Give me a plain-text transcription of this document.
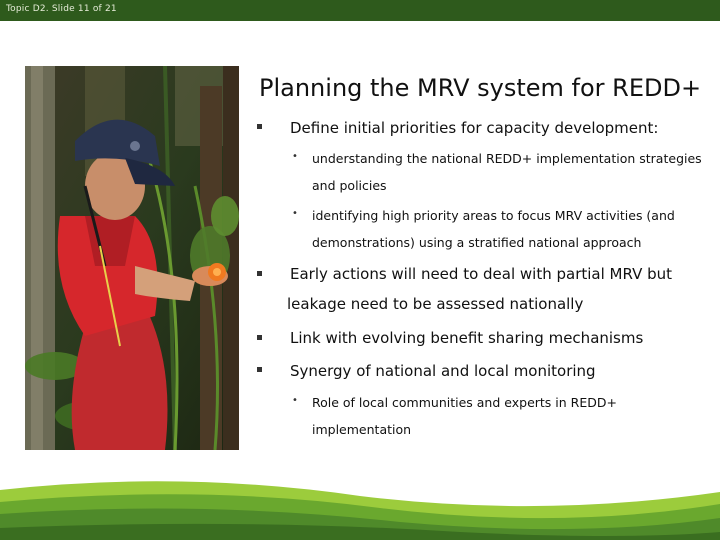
Topic D2. Slide 11 of 21
Planning the MRV system for REDD+
Define initial priorities for capacity development:
• understanding the national REDD+ implementation strategies
and policies
• identifying high priority areas to focus MRV activities (and
demonstrations) using a stratified national approach
Early actions will need to deal with partial MRV but
leakage need to be assessed nationally
Link with evolving benefit sharing mechanisms
Synergy of national and local monitoring
• Role of local communities and experts in REDD+
implementation
